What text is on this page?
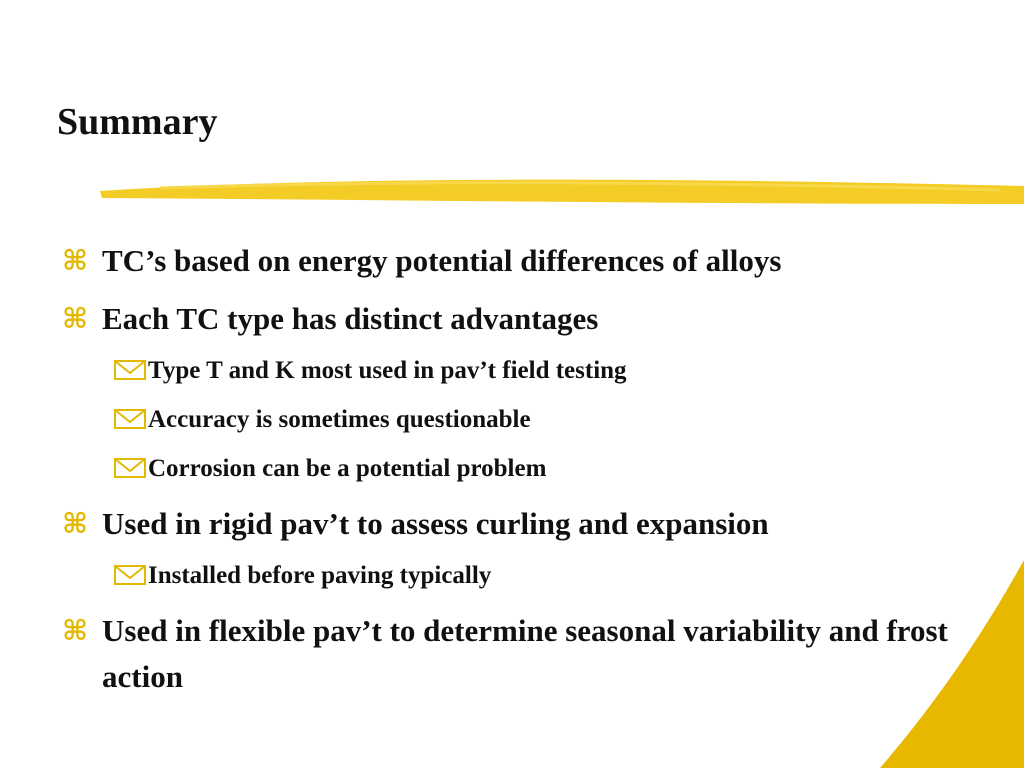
Summary
⌘ TC’s based on energy potential differences of alloys
⌘ Each TC type has distinct advantages
Type T and K most used in pav’t field testing
Accuracy is sometimes questionable
Corrosion can be a potential problem
⌘ Used in rigid pav’t to assess curling and expansion
Installed before paving typically
⌘ Used in flexible pav’t to determine seasonal variability and frost action
